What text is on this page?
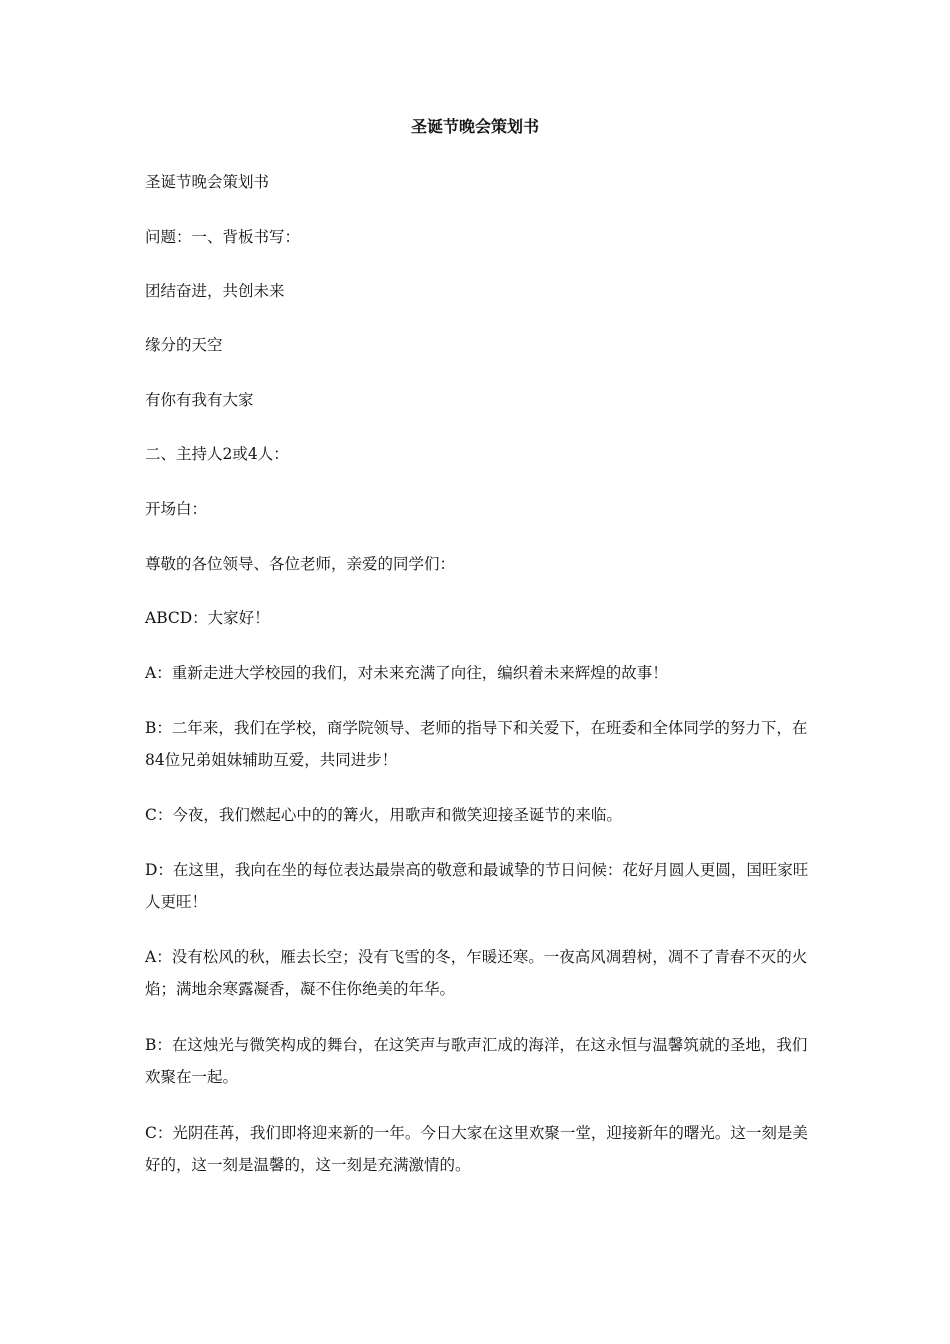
圣诞节晚会策划书
圣诞节晚会策划书
问题：一、背板书写：
团结奋进，共创未来
缘分的天空
有你有我有大家
二、主持人2或4人：
开场白：
尊敬的各位领导、各位老师，亲爱的同学们：
ABCD：大家好！
A：重新走进大学校园的我们，对未来充满了向往，编织着未来辉煌的故事！
B：二年来，我们在学校，商学院领导、老师的指导下和关爱下，在班委和全体同学的努力下，在84位兄弟姐妹辅助互爱，共同进步！
C：今夜，我们燃起心中的的篝火，用歌声和微笑迎接圣诞节的来临。
D：在这里，我向在坐的每位表达最崇高的敬意和最诚挚的节日问候：花好月圆人更圆，国旺家旺人更旺！
A：没有松风的秋，雁去长空；没有飞雪的冬，乍暖还寒。一夜高风凋碧树，凋不了青春不灭的火焰；满地余寒露凝香，凝不住你绝美的年华。
B：在这烛光与微笑构成的舞台，在这笑声与歌声汇成的海洋，在这永恒与温馨筑就的圣地，我们欢聚在一起。
C：光阴荏苒，我们即将迎来新的一年。今日大家在这里欢聚一堂，迎接新年的曙光。这一刻是美好的，这一刻是温馨的，这一刻是充满激情的。
